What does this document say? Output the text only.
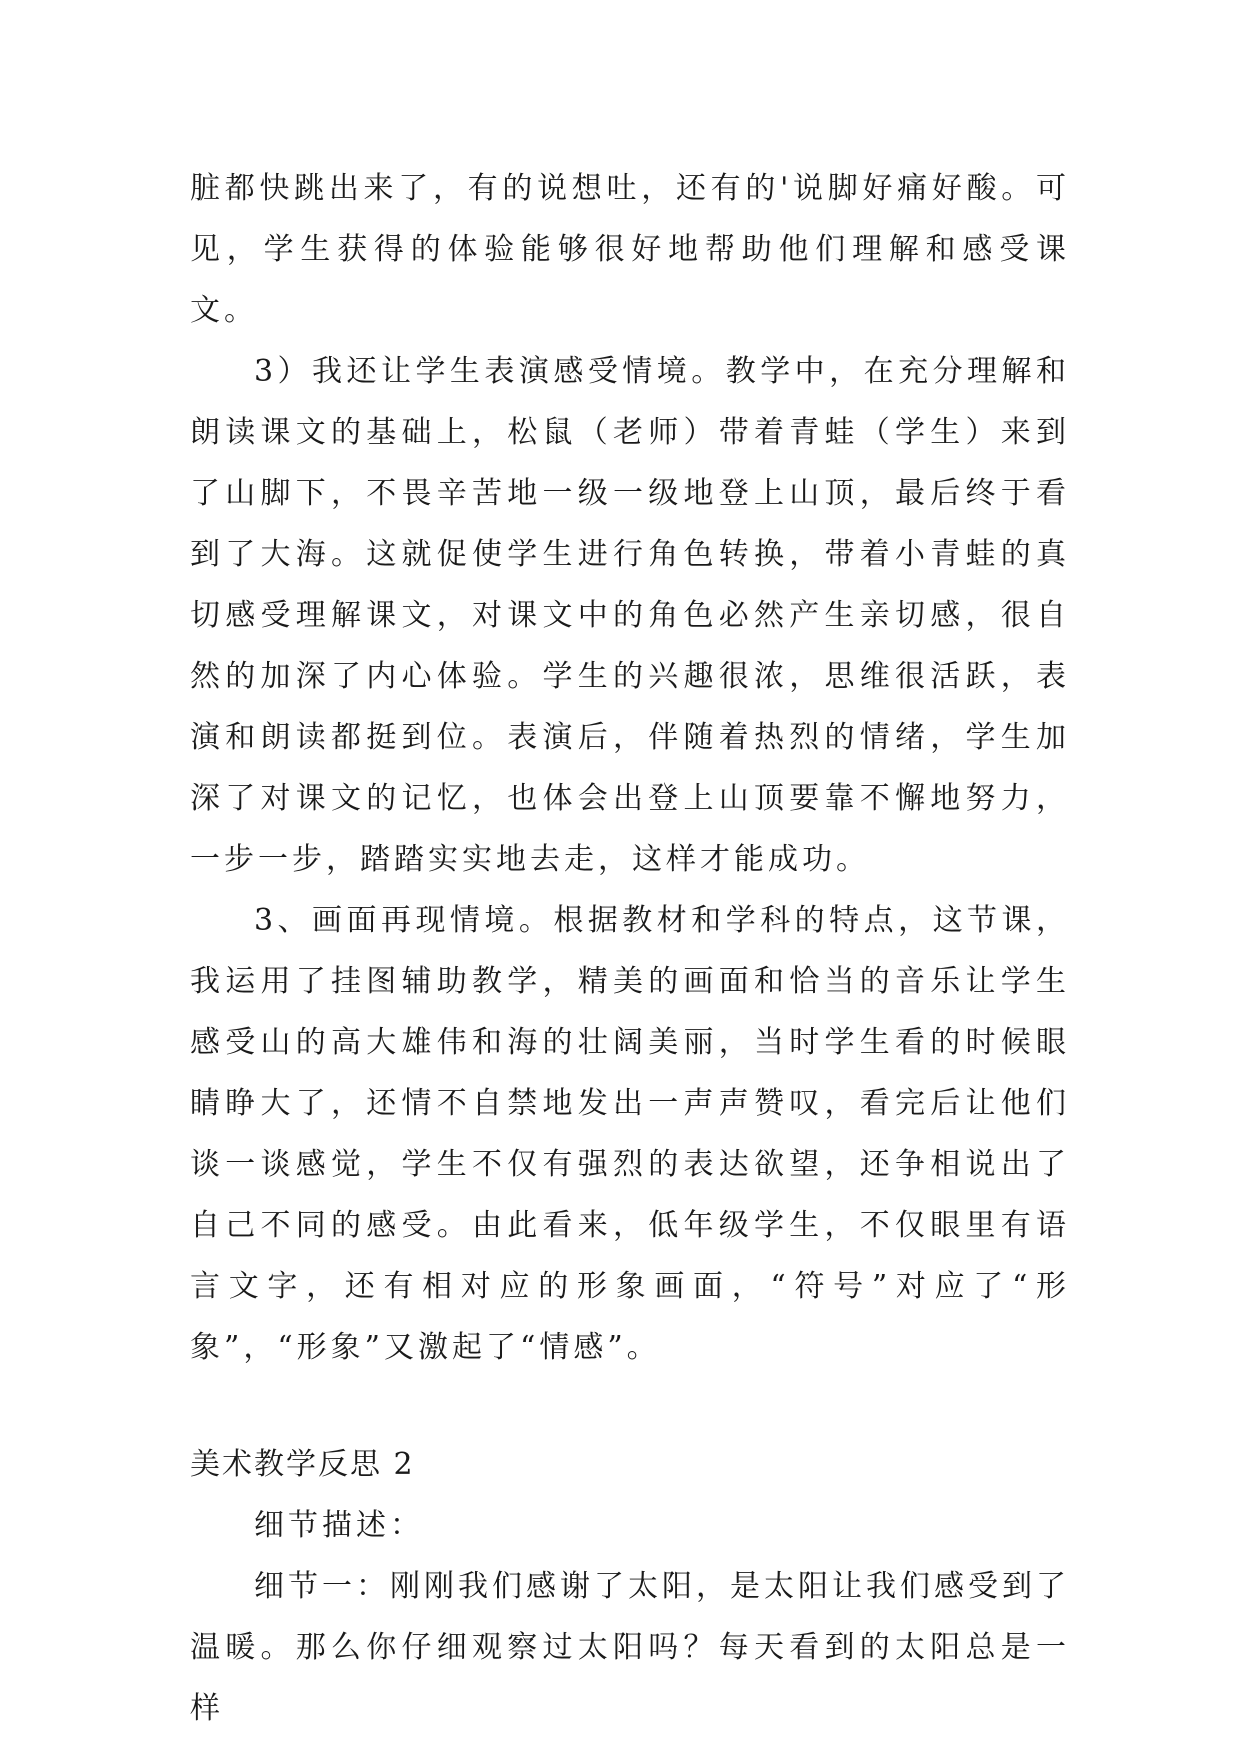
脏都快跳出来了，有的说想吐，还有的'说脚好痛好酸。可见，学生获得的体验能够很好地帮助他们理解和感受课文。

3）我还让学生表演感受情境。教学中，在充分理解和朗读课文的基础上，松鼠（老师）带着青蛙（学生）来到了山脚下，不畏辛苦地一级一级地登上山顶，最后终于看到了大海。这就促使学生进行角色转换，带着小青蛙的真切感受理解课文，对课文中的角色必然产生亲切感，很自然的加深了内心体验。学生的兴趣很浓，思维很活跃，表演和朗读都挺到位。表演后，伴随着热烈的情绪，学生加深了对课文的记忆，也体会出登上山顶要靠不懈地努力，一步一步，踏踏实实地去走，这样才能成功。

3、画面再现情境。根据教材和学科的特点，这节课，我运用了挂图辅助教学，精美的画面和恰当的音乐让学生感受山的高大雄伟和海的壮阔美丽，当时学生看的时候眼睛睁大了，还情不自禁地发出一声声赞叹，看完后让他们谈一谈感觉，学生不仅有强烈的表达欲望，还争相说出了自己不同的感受。由此看来，低年级学生，不仅眼里有语言文字，还有相对应的形象画面，“符号”对应了“形象”，“形象”又激起了“情感”。

美术教学反思 2

细节描述：

细节一：刚刚我们感谢了太阳，是太阳让我们感受到了温暖。那么你仔细观察过太阳吗？每天看到的太阳总是一样
